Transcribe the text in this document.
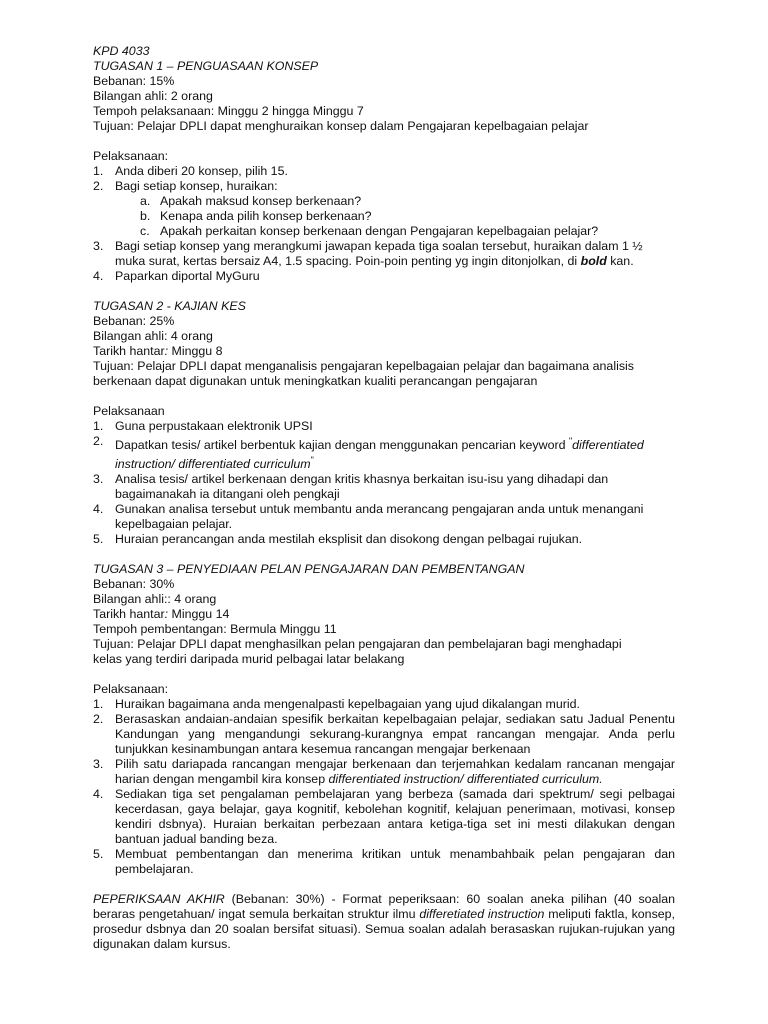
KPD 4033

TUGASAN 1 – PENGUASAAN KONSEP

Bebanan: 15%

Bilangan ahli: 2 orang

Tempoh pelaksanaan: Minggu 2 hingga Minggu 7

Tujuan: Pelajar DPLI dapat menghuraikan konsep dalam Pengajaran kepelbagaian pelajar

Pelaksanaan:

1. Anda diberi 20 konsep, pilih 15.
2. Bagi setiap konsep, huraikan:
a. Apakah maksud konsep berkenaan?
b. Kenapa anda pilih konsep berkenaan?
c. Apakah perkaitan konsep berkenaan dengan Pengajaran kepelbagaian pelajar?
3. Bagi setiap konsep yang merangkumi jawapan kepada tiga soalan tersebut, huraikan dalam 1 ½ muka surat, kertas bersaiz A4, 1.5 spacing. Poin-poin penting yg ingin ditonjolkan, di bold kan.
4. Paparkan diportal MyGuru

TUGASAN 2 - KAJIAN KES

Bebanan: 25%

Bilangan ahli: 4 orang

Tarikh hantar: Minggu 8

Tujuan: Pelajar DPLI dapat menganalisis pengajaran kepelbagaian pelajar dan bagaimana analisis

berkenaan dapat digunakan untuk meningkatkan kualiti perancangan pengajaran

Pelaksanaan

1. Guna perpustakaan elektronik UPSI
2. Dapatkan tesis/ artikel berbentuk kajian dengan menggunakan pencarian keyword "differentiated instruction/ differentiated curriculum"
3. Analisa tesis/ artikel berkenaan dengan kritis khasnya berkaitan isu-isu yang dihadapi dan bagaimanakah ia ditangani oleh pengkaji
4. Gunakan analisa tersebut untuk membantu anda merancang pengajaran anda untuk menangani kepelbagaian pelajar.
5. Huraian perancangan anda mestilah eksplisit dan disokong dengan pelbagai rujukan.

TUGASAN 3 – PENYEDIAAN PELAN PENGAJARAN DAN PEMBENTANGAN

Bebanan: 30%

Bilangan ahli:: 4 orang

Tarikh hantar: Minggu 14

Tempoh pembentangan: Bermula Minggu 11

Tujuan: Pelajar DPLI dapat menghasilkan pelan pengajaran dan pembelajaran bagi menghadapi

kelas yang terdiri daripada murid pelbagai latar belakang

Pelaksanaan:

1. Huraikan bagaimana anda mengenalpasti kepelbagaian yang ujud dikalangan murid.
2. Berasaskan andaian-andaian spesifik berkaitan kepelbagaian pelajar, sediakan satu Jadual Penentu Kandungan yang mengandungi sekurang-kurangnya empat rancangan mengajar. Anda perlu tunjukkan kesinambungan antara kesemua rancangan mengajar berkenaan
3. Pilih satu dariapada rancangan mengajar berkenaan dan terjemahkan kedalam rancanan mengajar harian dengan mengambil kira konsep differentiated instruction/ differentiated curriculum.
4. Sediakan tiga set pengalaman pembelajaran yang berbeza (samada dari spektrum/ segi pelbagai kecerdasan, gaya belajar, gaya kognitif, kebolehan kognitif, kelajuan penerimaan, motivasi, konsep kendiri dsbnya). Huraian berkaitan perbezaan antara ketiga-tiga set ini mesti dilakukan dengan bantuan jadual banding beza.
5. Membuat pembentangan dan menerima kritikan untuk menambahbaik pelan pengajaran dan pembelajaran.

PEPERIKSAAN AKHIR (Bebanan: 30%) - Format peperiksaan: 60 soalan aneka pilihan (40 soalan beraras pengetahuan/ ingat semula berkaitan struktur ilmu differetiated instruction meliputi faktla, konsep, prosedur dsbnya dan 20 soalan bersifat situasi). Semua soalan adalah berasaskan rujukan-rujukan yang digunakan dalam kursus.
